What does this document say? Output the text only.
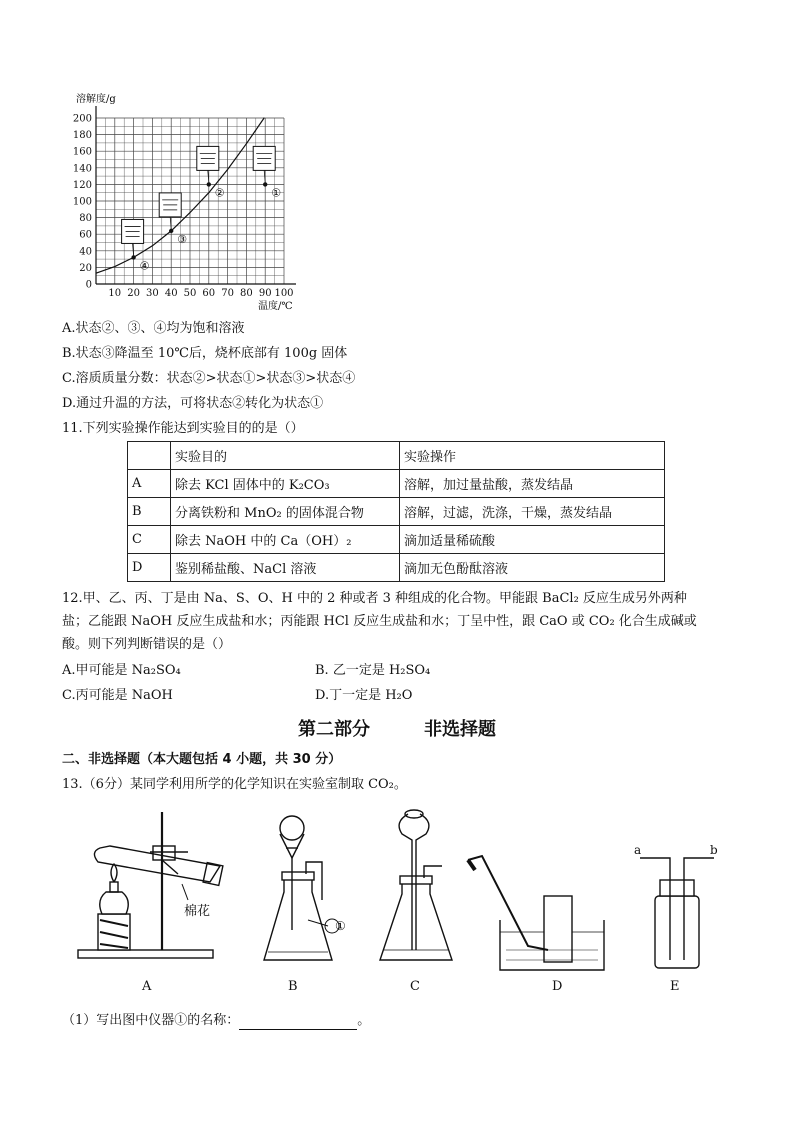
溶解度/g
200
180
160
140
120
100
80
60
40
20
0
10 20 30 40 50 60 70 80 90 100
④
③
②	①
温度/℃
A.状态②、③、④均为饱和溶液
B.状态③降温至 10℃后，烧杯底部有 100g 固体
C.溶质质量分数：状态②>状态①>状态③>状态④
D.通过升温的方法，可将状态②转化为状态①
11.下列实验操作能达到实验目的的是（）
	实验目的	实验操作
A	除去 KCl 固体中的 K₂CO₃	溶解，加过量盐酸，蒸发结晶
B	分离铁粉和 MnO₂ 的固体混合物	溶解，过滤，洗涤，干燥，蒸发结晶
C	除去 NaOH 中的 Ca（OH）₂	滴加适量稀硫酸
D	鉴别稀盐酸、NaCl 溶液	滴加无色酚酞溶液
12.甲、乙、丙、丁是由 Na、S、O、H 中的 2 种或者 3 种组成的化合物。甲能跟 BaCl₂ 反应生成另外两种
盐；乙能跟 NaOH 反应生成盐和水；丙能跟 HCl 反应生成盐和水；丁呈中性，跟 CaO 或 CO₂ 化合生成碱或
酸。则下列判断错误的是（）
A.甲可能是 Na₂SO₄	B. 乙一定是 H₂SO₄
C.丙可能是 NaOH	D.丁一定是 H₂O
第二部分　　　非选择题
二、非选择题（本大题包括 4 小题，共 30 分）
13.（6分）某同学利用所学的化学知识在实验室制取 CO₂。
棉花
①
a	b
A	B	C	D	E
（1）写出图中仪器①的名称：	。
